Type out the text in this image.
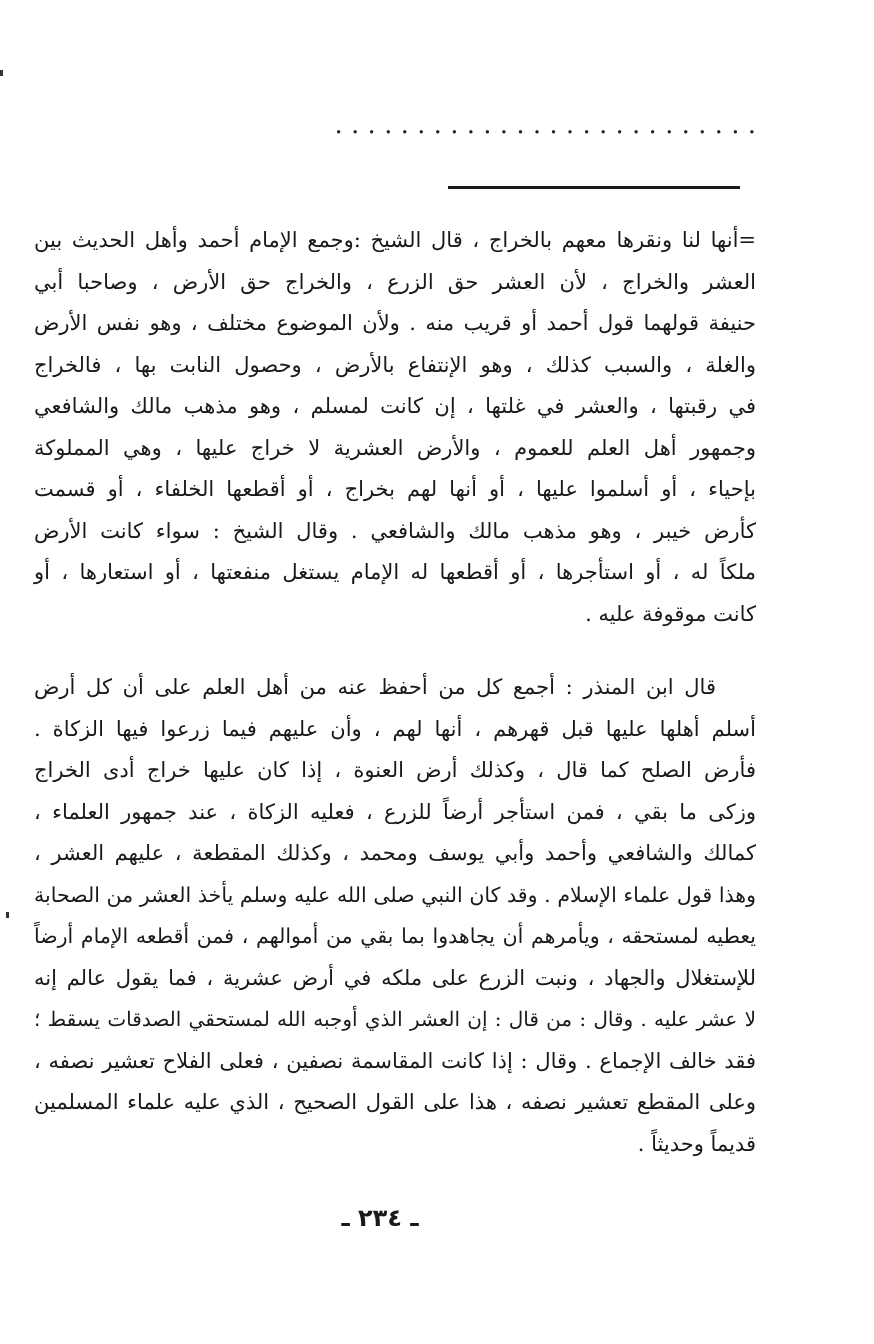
. . . . . . . . . . . . . . . . . . . . . . . . . .
=أنها لنا ونقرها معهم بالخراج ، قال الشيخ :وجمع الإمام أحمد وأهل الحديث بين
العشر والخراج ، لأن العشر حق الزرع ، والخراج حق الأرض ، وصاحبا أبي
حنيفة قولهما قول أحمد أو قريب منه . ولأن الموضوع مختلف ، وهو نفس الأرض
والغلة ، والسبب كذلك ، وهو الإنتفاع بالأرض ، وحصول النابت بها ، فالخراج
في رقبتها ، والعشر في غلتها ، إن كانت لمسلم ، وهو مذهب مالك والشافعي
وجمهور أهل العلم للعموم ، والأرض العشرية لا خراج عليها ، وهي المملوكة
بإحياء ، أو أسلموا عليها ، أو أنها لهم بخراج ، أو أقطعها الخلفاء ، أو قسمت
كأرض خيبر ، وهو مذهب مالك والشافعي . وقال الشيخ : سواء كانت الأرض
ملكاً له ، أو استأجرها ، أو أقطعها له الإمام يستغل منفعتها ، أو استعارها ، أو
كانت موقوفة عليه .
قال ابن المنذر : أجمع كل من أحفظ عنه من أهل العلم على أن كل أرض
أسلم أهلها عليها قبل قهرهم ، أنها لهم ، وأن عليهم فيما زرعوا فيها الزكاة .
فأرض الصلح كما قال ، وكذلك أرض العنوة ، إذا كان عليها خراج أدى الخراج
وزكى ما بقي ، فمن استأجر أرضاً للزرع ، فعليه الزكاة ، عند جمهور العلماء ،
كمالك والشافعي وأحمد وأبي يوسف ومحمد ، وكذلك المقطعة ، عليهم العشر ،
وهذا قول علماء الإسلام . وقد كان النبي صلى الله عليه وسلم يأخذ العشر من الصحابة
يعطيه لمستحقه ، ويأمرهم أن يجاهدوا بما بقي من أموالهم ، فمن أقطعه الإمام أرضاً
للإستغلال والجهاد ، ونبت الزرع على ملكه في أرض عشرية ، فما يقول عالم إنه
لا عشر عليه . وقال : من قال : إن العشر الذي أوجبه الله لمستحقي الصدقات يسقط ؛
فقد خالف الإجماع . وقال : إذا كانت المقاسمة نصفين ، فعلى الفلاح تعشير نصفه ،
وعلى المقطع تعشير نصفه ، هذا على القول الصحيح ، الذي عليه علماء المسلمين
قديماً وحديثاً .
ـ ٢٣٤ ـ
